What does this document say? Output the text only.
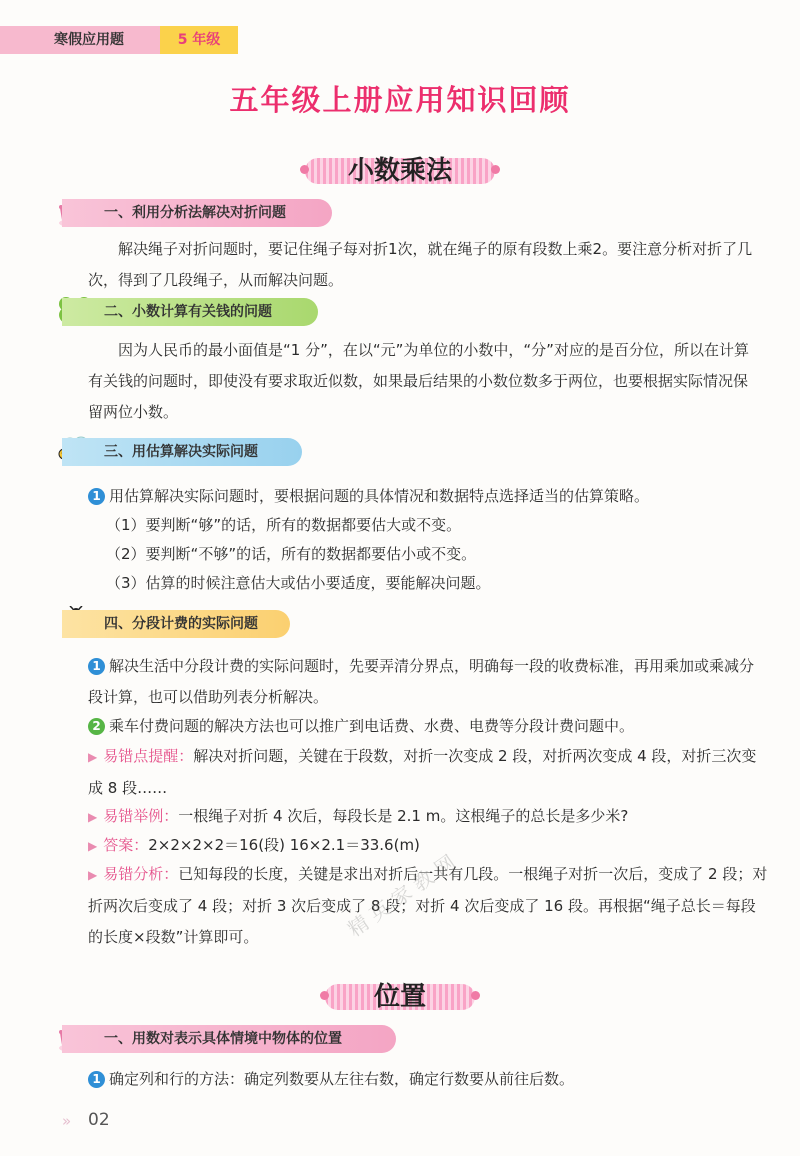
寒假应用题	5 年级
五年级上册应用知识回顾
小数乘法
一、利用分析法解决对折问题
解决绳子对折问题时，要记住绳子每对折1次，就在绳子的原有段数上乘2。要注意分析对折了几次，得到了几段绳子，从而解决问题。
二、小数计算有关钱的问题
因为人民币的最小面值是“1 分”，在以“元”为单位的小数中，“分”对应的是百分位，所以在计算有关钱的问题时，即使没有要求取近似数，如果最后结果的小数位数多于两位，也要根据实际情况保留两位小数。
三、用估算解决实际问题
1 用估算解决实际问题时，要根据问题的具体情况和数据特点选择适当的估算策略。
（1）要判断“够”的话，所有的数据都要估大或不变。
（2）要判断“不够”的话，所有的数据都要估小或不变。
（3）估算的时候注意估大或估小要适度，要能解决问题。
四、分段计费的实际问题
1 解决生活中分段计费的实际问题时，先要弄清分界点，明确每一段的收费标准，再用乘加或乘减分段计算，也可以借助列表分析解决。
2 乘车付费问题的解决方法也可以推广到电话费、水费、电费等分段计费问题中。
▶ 易错点提醒：解决对折问题，关键在于段数，对折一次变成 2 段，对折两次变成 4 段，对折三次变成 8 段……
▶ 易错举例：一根绳子对折 4 次后，每段长是 2.1 m。这根绳子的总长是多少米?
▶ 答案：2×2×2×2＝16(段) 16×2.1＝33.6(m)
▶ 易错分析：已知每段的长度，关键是求出对折后一共有几段。一根绳子对折一次后，变成了 2 段；对折两次后变成了 4 段；对折 3 次后变成了 8 段；对折 4 次后变成了 16 段。再根据“绳子总长＝每段的长度×段数”计算即可。	精 英 家 教 网
位置
一、用数对表示具体情境中物体的位置
1 确定列和行的方法：确定列数要从左往右数，确定行数要从前往后数。
» 02
